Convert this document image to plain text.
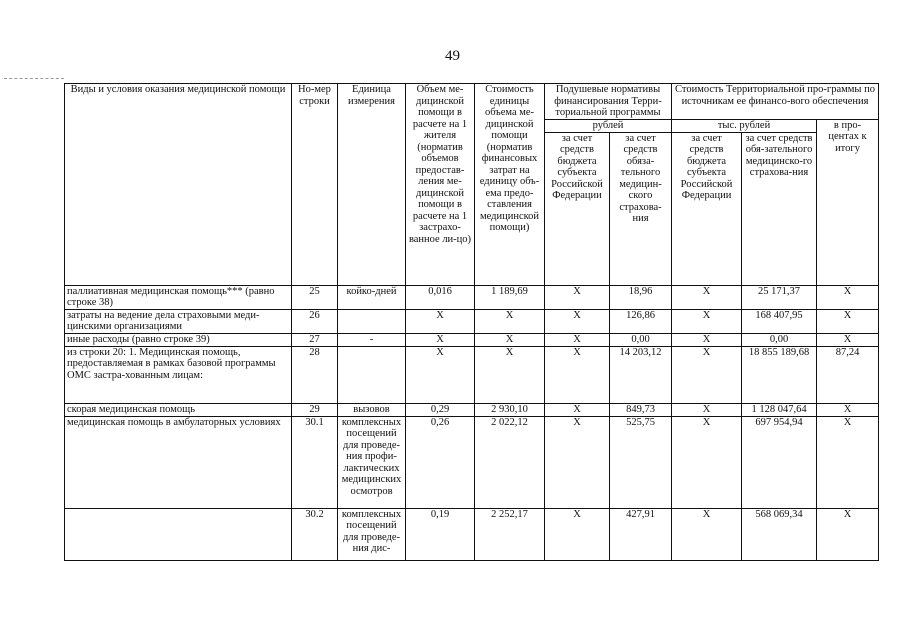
49
Виды и условия оказания медицинской помощи	Но-мер строки	Единица измерения	Объем ме-дицинской помощи в расчете на 1 жителя (норматив объемов предостав-ления ме-дицинской помощи в расчете на 1 застрахо-ванное ли-цо)	Стоимость единицы объема ме-дицинской помощи (норматив финансовых затрат на единицу объ-ема предо-ставления медицинской помощи)	Подушевые нормативы финансирования Терри-ториальной программы		Стоимость Территориальной про-граммы по источникам ее финансо-вого обеспечения		
					рублей		тыс. рублей		в про-центах к итогу
					за счет средств бюджета субъекта Российской Федерации	за счет средств обяза-тельного медицин-ского страхова-ния	за счет средств бюджета субъекта Российской Федерации	за счет средств обя-зательного медицинско-го страхова-ния	
паллиативная медицинская помощь*** (равно строке 38)	25	койко-дней	0,016	1 189,69	X	18,96	X	25 171,37	X
затраты на ведение дела страховыми меди-цинскими организациями	26		X	X	X	126,86	X	168 407,95	X
иные расходы (равно строке 39)	27	-	X	X	X	0,00	X	0,00	X
из строки 20: 1. Медицинская помощь, предоставляемая в рамках базовой программы ОМС застра-хованным лицам:	28		X	X	X	14 203,12	X	18 855 189,68	87,24
скорая медицинская помощь	29	вызовов	0,29	2 930,10	X	849,73	X	1 128 047,64	X
медицинская помощь в амбулаторных условиях	30.1	комплексных посещений для проведе-ния профи-лактических медицинских осмотров	0,26	2 022,12	X	525,75	X	697 954,94	X
	30.2	комплексных посещений для проведе-ния дис-	0,19	2 252,17	X	427,91	X	568 069,34	X
